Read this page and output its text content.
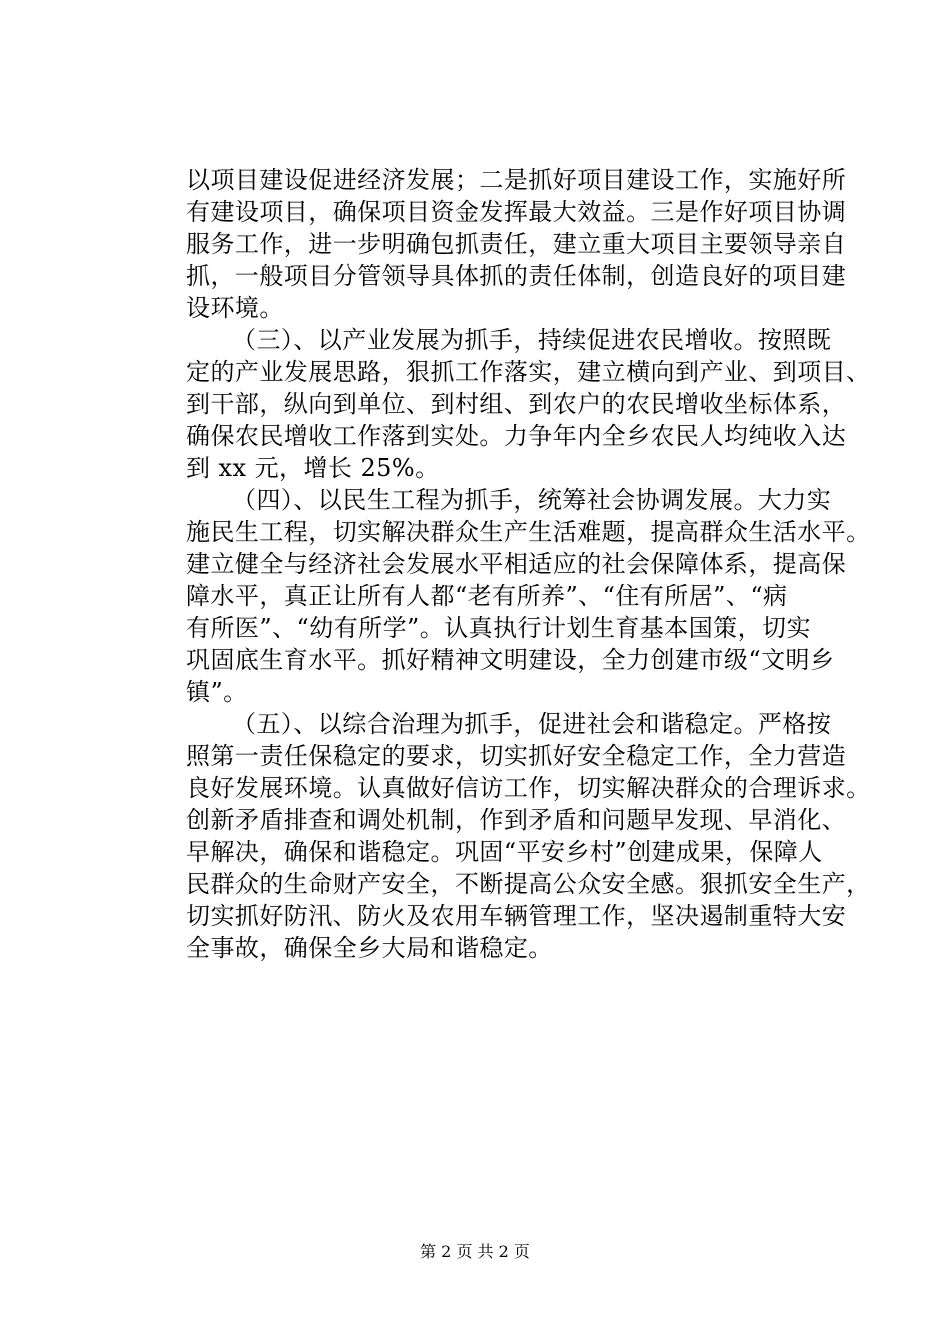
以项目建设促进经济发展；二是抓好项目建设工作，实施好所
有建设项目，确保项目资金发挥最大效益。三是作好项目协调
服务工作，进一步明确包抓责任，建立重大项目主要领导亲自
抓，一般项目分管领导具体抓的责任体制，创造良好的项目建
设环境。
（三）、以产业发展为抓手，持续促进农民增收。按照既
定的产业发展思路，狠抓工作落实，建立横向到产业、到项目、
到干部，纵向到单位、到村组、到农户的农民增收坐标体系，
确保农民增收工作落到实处。力争年内全乡农民人均纯收入达
到 xx 元，增长 25%。
（四）、以民生工程为抓手，统筹社会协调发展。大力实
施民生工程，切实解决群众生产生活难题，提高群众生活水平。
建立健全与经济社会发展水平相适应的社会保障体系，提高保
障水平，真正让所有人都“老有所养”、“住有所居”、“病
有所医”、“幼有所学”。认真执行计划生育基本国策，切实
巩固底生育水平。抓好精神文明建设，全力创建市级“文明乡
镇”。
（五）、以综合治理为抓手，促进社会和谐稳定。严格按
照第一责任保稳定的要求，切实抓好安全稳定工作，全力营造
良好发展环境。认真做好信访工作，切实解决群众的合理诉求。
创新矛盾排查和调处机制，作到矛盾和问题早发现、早消化、
早解决，确保和谐稳定。巩固“平安乡村”创建成果，保障人
民群众的生命财产安全，不断提高公众安全感。狠抓安全生产，
切实抓好防汛、防火及农用车辆管理工作，坚决遏制重特大安
全事故，确保全乡大局和谐稳定。
第 2 页 共 2 页
